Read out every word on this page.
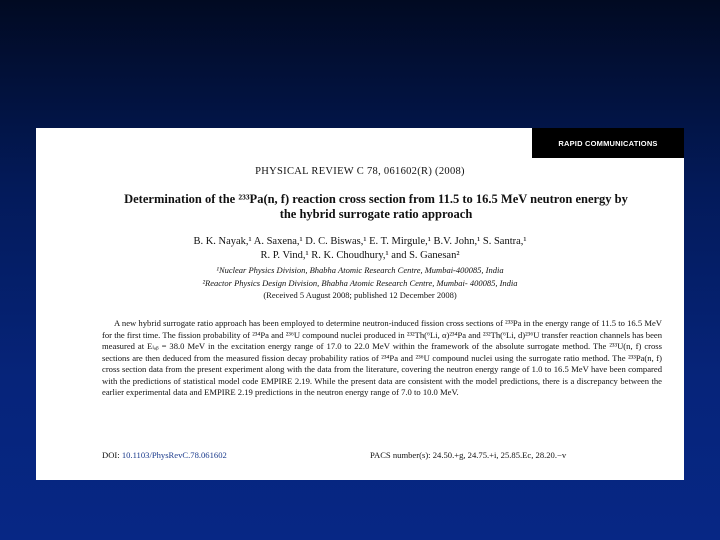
RAPID COMMUNICATIONS
PHYSICAL REVIEW C 78, 061602(R) (2008)
Determination of the ²³³Pa(n, f) reaction cross section from 11.5 to 16.5 MeV neutron energy by the hybrid surrogate ratio approach
B. K. Nayak,¹ A. Saxena,¹ D. C. Biswas,¹ E. T. Mirgule,¹ B.V. John,¹ S. Santra,¹
R. P. Vind,¹ R. K. Choudhury,¹ and S. Ganesan²
¹Nuclear Physics Division, Bhabha Atomic Research Centre, Mumbai-400085, India
²Reactor Physics Design Division, Bhabha Atomic Research Centre, Mumbai- 400085, India
(Received 5 August 2008; published 12 December 2008)

A new hybrid surrogate ratio approach has been employed to determine neutron-induced fission cross sections of ²³³Pa in the energy range of 11.5 to 16.5 MeV for the first time. The fission probability of ²³⁴Pa and ²³⁶U compound nuclei produced in ²³²Th(⁶Li, α)²³⁴Pa and ²³²Th(⁶Li, d)²³⁶U transfer reaction channels has been measured at Eₗₐᵦ = 38.0 MeV in the excitation energy range of 17.0 to 22.0 MeV within the framework of the absolute surrogate method. The ²³³U(n, f) cross sections are then deduced from the measured fission decay probability ratios of ²³⁴Pa and ²³⁶U compound nuclei using the surrogate ratio method. The ²³³Pa(n, f) cross section data from the present experiment along with the data from the literature, covering the neutron energy range of 1.0 to 16.5 MeV have been compared with the predictions of statistical model code EMPIRE 2.19. While the present data are consistent with the model predictions, there is a discrepancy between the earlier experimental data and EMPIRE 2.19 predictions in the neutron energy range of 7.0 to 10.0 MeV.

DOI: 10.1103/PhysRevC.78.061602	PACS number(s): 24.50.+g, 24.75.+i, 25.85.Ec, 28.20.−v
